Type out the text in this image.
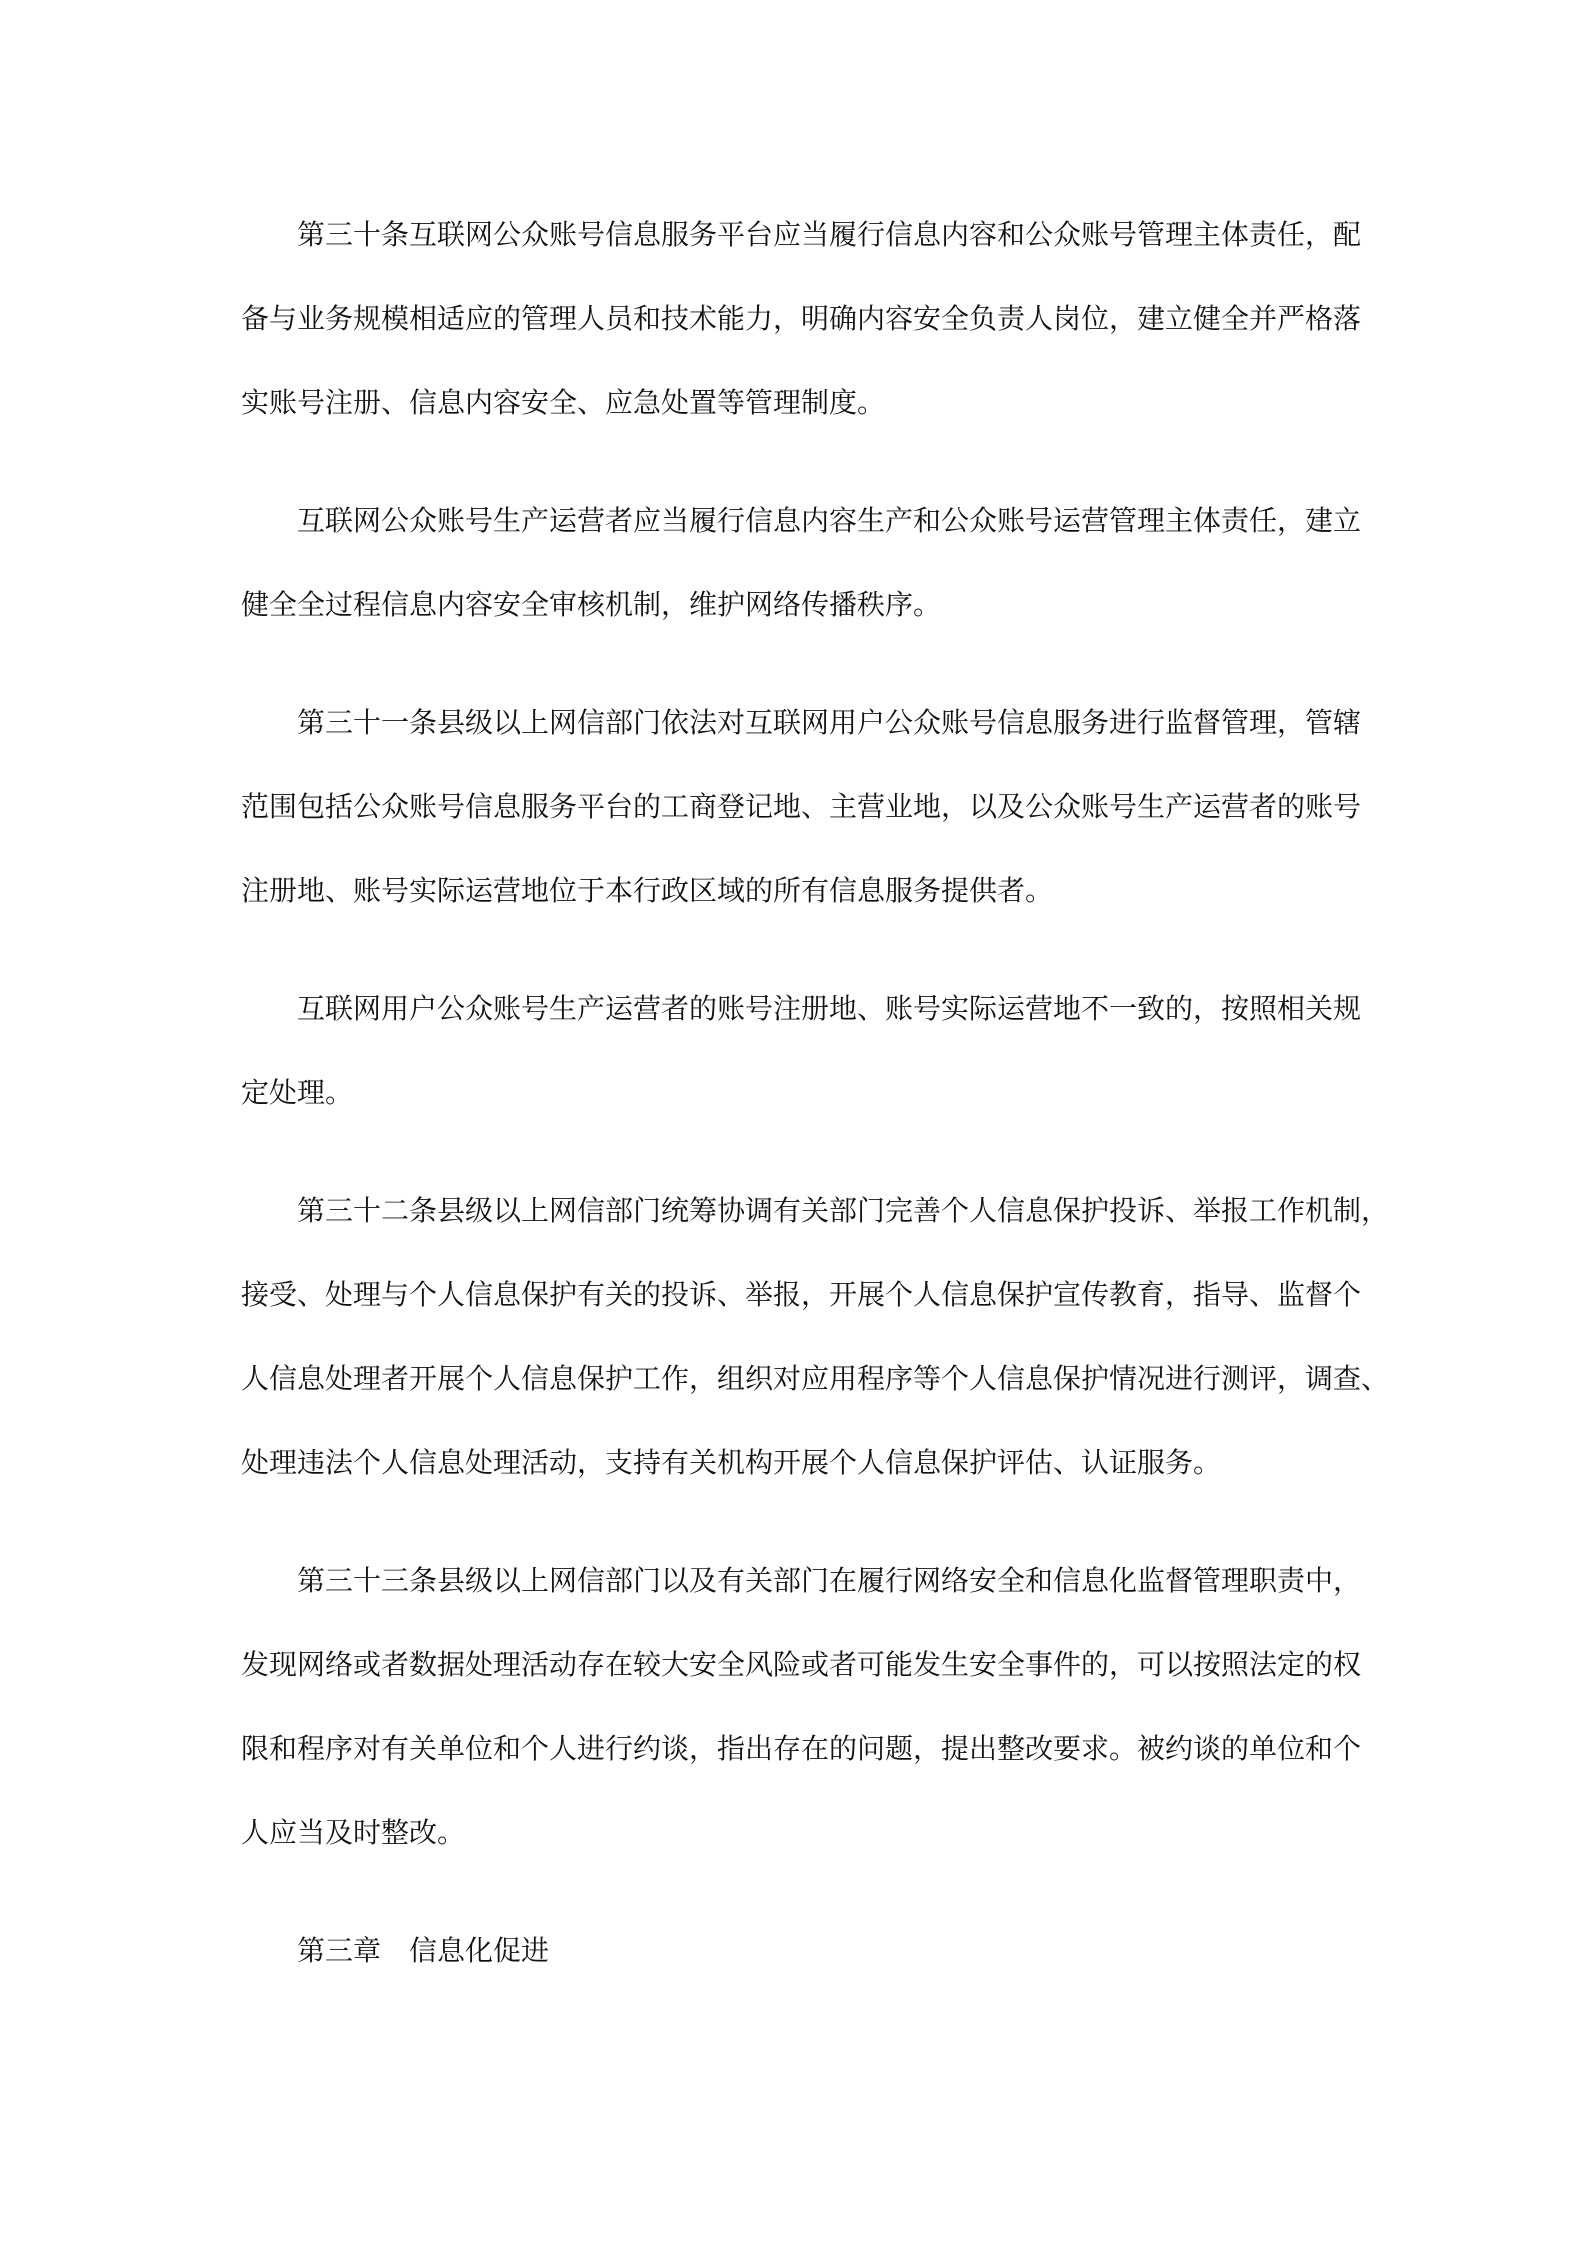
第三十条互联网公众账号信息服务平台应当履行信息内容和公众账号管理主体责任，配
备与业务规模相适应的管理人员和技术能力，明确内容安全负责人岗位，建立健全并严格落
实账号注册、信息内容安全、应急处置等管理制度。
互联网公众账号生产运营者应当履行信息内容生产和公众账号运营管理主体责任，建立
健全全过程信息内容安全审核机制，维护网络传播秩序。
第三十一条县级以上网信部门依法对互联网用户公众账号信息服务进行监督管理，管辖
范围包括公众账号信息服务平台的工商登记地、主营业地，以及公众账号生产运营者的账号
注册地、账号实际运营地位于本行政区域的所有信息服务提供者。
互联网用户公众账号生产运营者的账号注册地、账号实际运营地不一致的，按照相关规
定处理。
第三十二条县级以上网信部门统筹协调有关部门完善个人信息保护投诉、举报工作机制，
接受、处理与个人信息保护有关的投诉、举报，开展个人信息保护宣传教育，指导、监督个
人信息处理者开展个人信息保护工作，组织对应用程序等个人信息保护情况进行测评，调查、
处理违法个人信息处理活动，支持有关机构开展个人信息保护评估、认证服务。
第三十三条县级以上网信部门以及有关部门在履行网络安全和信息化监督管理职责中，
发现网络或者数据处理活动存在较大安全风险或者可能发生安全事件的，可以按照法定的权
限和程序对有关单位和个人进行约谈，指出存在的问题，提出整改要求。被约谈的单位和个
人应当及时整改。
第三章　信息化促进
